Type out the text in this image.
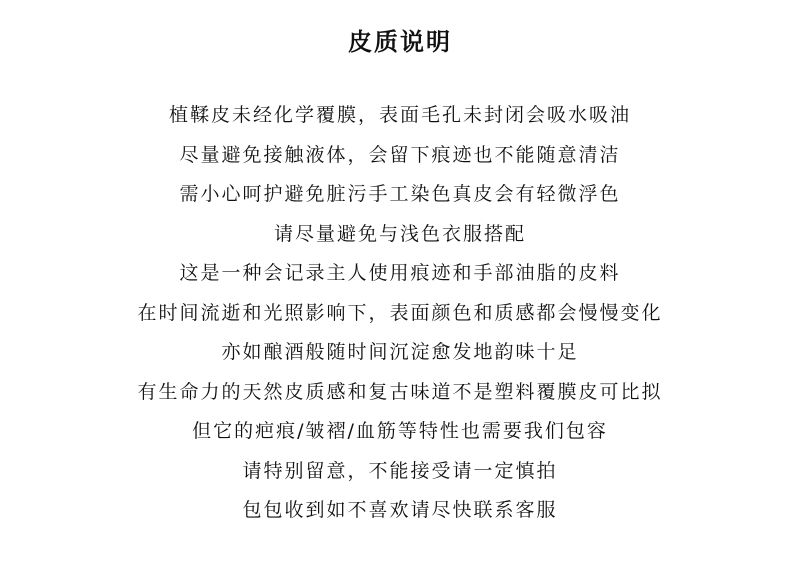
皮质说明
植鞣皮未经化学覆膜，表面毛孔未封闭会吸水吸油
尽量避免接触液体，会留下痕迹也不能随意清洁
需小心呵护避免脏污手工染色真皮会有轻微浮色
请尽量避免与浅色衣服搭配
这是一种会记录主人使用痕迹和手部油脂的皮料
在时间流逝和光照影响下，表面颜色和质感都会慢慢变化
亦如酿酒般随时间沉淀愈发地韵味十足
有生命力的天然皮质感和复古味道不是塑料覆膜皮可比拟
但它的疤痕/皱褶/血筋等特性也需要我们包容
请特别留意，不能接受请一定慎拍
包包收到如不喜欢请尽快联系客服
